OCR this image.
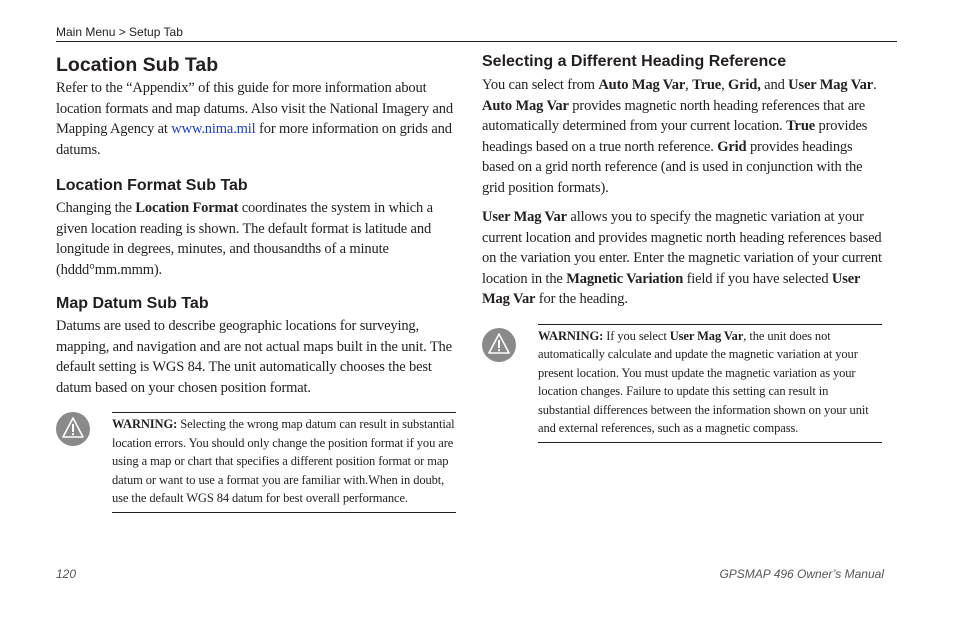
Main Menu > Setup Tab
Location Sub Tab

Refer to the “Appendix” of this guide for more information about location formats and map datums. Also visit the National Imagery and Mapping Agency at www.nima.mil for more information on grids and datums.

Location Format Sub Tab

Changing the Location Format coordinates the system in which a given location reading is shown. The default format is latitude and longitude in degrees, minutes, and thousandths of a minute (hddd°mm.mmm).

Map Datum Sub Tab

Datums are used to describe geographic locations for surveying, mapping, and navigation and are not actual maps built in the unit. The default setting is WGS 84. The unit automatically chooses the best datum based on your chosen position format.

WARNING: Selecting the wrong map datum can result in substantial location errors. You should only change the position format if you are using a map or chart that specifies a different position format or map datum or want to use a format you are familiar with.When in doubt, use the default WGS 84 datum for best overall performance.

Selecting a Different Heading Reference

You can select from Auto Mag Var, True, Grid, and User Mag Var. Auto Mag Var provides magnetic north heading references that are automatically determined from your current location. True provides headings based on a true north reference. Grid provides headings based on a grid north reference (and is used in conjunction with the grid position formats).

User Mag Var allows you to specify the magnetic variation at your current location and provides magnetic north heading references based on the variation you enter. Enter the magnetic variation of your current location in the Magnetic Variation field if you have selected User Mag Var for the heading.

WARNING: If you select User Mag Var, the unit does not automatically calculate and update the magnetic variation at your present location. You must update the magnetic variation as your location changes. Failure to update this setting can result in substantial differences between the information shown on your unit and external references, such as a magnetic compass.

120	GPSMAP 496 Owner’s Manual
